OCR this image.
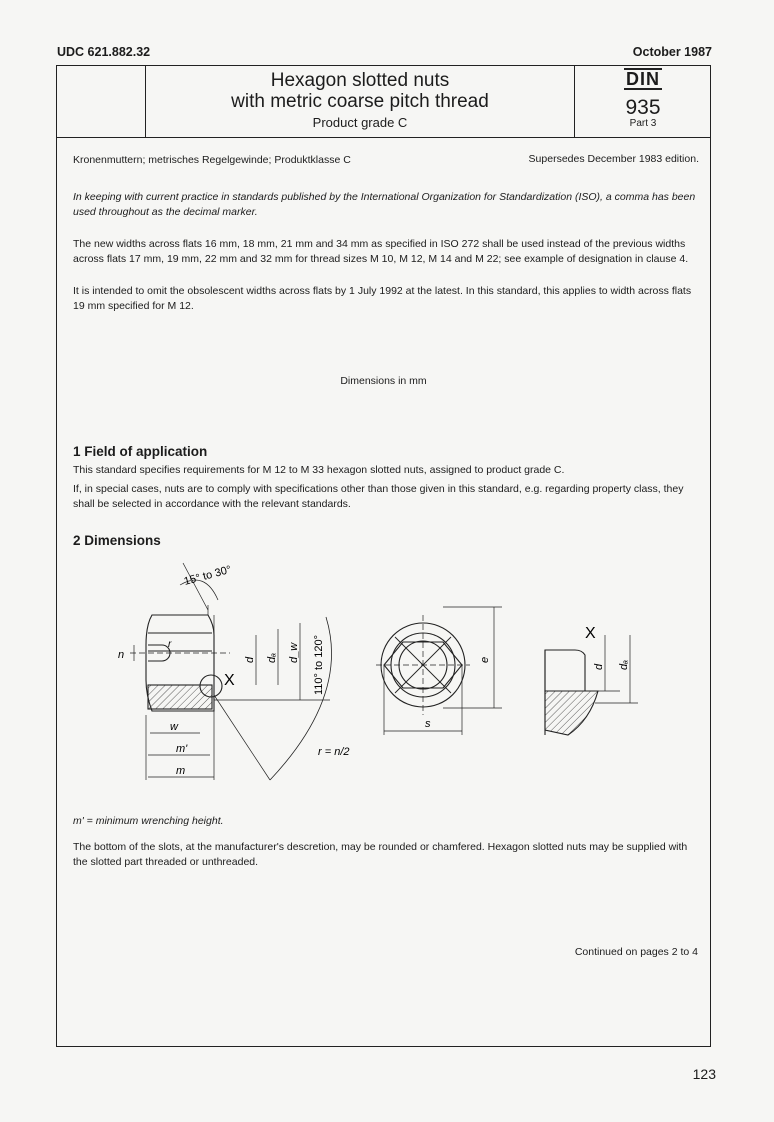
UDC 621.882.32	October 1987
Hexagon slotted nuts
with metric coarse pitch thread
Product grade C
DIN
935
Part 3
Kronenmuttern; metrisches Regelgewinde; Produktklasse C	Supersedes December 1983 edition.
In keeping with current practice in standards published by the International Organization for Standardization (ISO), a comma has been used throughout as the decimal marker.
The new widths across flats 16 mm, 18 mm, 21 mm and 34 mm as specified in ISO 272 shall be used instead of the previous widths across flats 17 mm, 19 mm, 22 mm and 32 mm for thread sizes M 10, M 12, M 14 and M 22; see example of designation in clause 4.
It is intended to omit the obsolescent widths across flats by 1 July 1992 at the latest. In this standard, this applies to width across flats 19 mm specified for M 12.
Dimensions in mm
1 Field of application
This standard specifies requirements for M 12 to M 33 hexagon slotted nuts, assigned to product grade C.
If, in special cases, nuts are to comply with specifications other than those given in this standard, e.g. regarding property class, they shall be selected in accordance with the relevant standards.
2 Dimensions
15° to 30°
n
r
X
d dₐ d_w 110° to 120°
w
m'
m
r = n/2
e
s
X
d dₐ
m' = minimum wrenching height.
The bottom of the slots, at the manufacturer's descretion, may be rounded or chamfered. Hexagon slotted nuts may be supplied with the slotted part threaded or unthreaded.
Continued on pages 2 to 4
123
